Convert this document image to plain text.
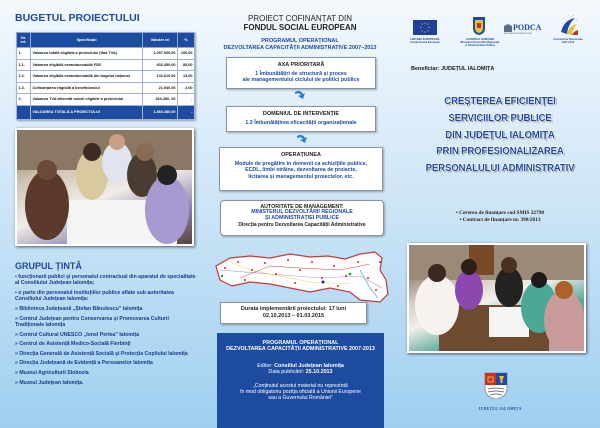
BUGETUL PROIECTULUI
Nr. crt.	Specificații	Valoare lei	%
1.	Valoarea totală eligibilă a proiectului (fără TVA)	1.097.000,00	100,00
1.1.	Valoarea eligibilă nerambursabilă FSE	932.450,00	85,00
1.2.	Valoarea eligibilă nerambursabilă din bugetul național	142.610,00	13,00
1.3.	Cofinanțarea eligibilă a beneficiarului	21.940,00	2,00
2.	Valoarea TVA aferentă valorii eligibile a proiectului	263.280, 00	-
	VALOAREA TOTALĂ A PROIECTULUI	1.360.280,00	-
GRUPUL ȚINTĂ
▪ funcționarii publici și personalul contractual din aparatul de specialitate al Consiliului Județean Ialomița;
▪ o parte din personalul instituțiilor publice aflate sub autoritatea Consiliului Județean Ialomița:
» Biblioteca Județeană „Ștefan Bănulescu” Ialomița
» Centrul Județean pentru Conservarea și Promovarea Culturii Tradiționale Ialomița
» Centrul Cultural UNESCO „Ionel Perlea” Ialomița
» Centrul de Asistență Medico-Socială Fierbinți
» Direcția Generală de Asistență Socială și Protecția Copilului Ialomița
» Direcția Județeană de Evidență a Persoanelor Ialomița
» Muzeul Agriculturii Slobozia
» Muzeul Județean Ialomița.
PROIECT COFINANȚAT DIN
FONDUL SOCIAL EUROPEAN
PROGRAMUL OPERAȚIONAL
DEZVOLTAREA CAPACITĂȚII ADMINISTRATIVE 2007–2013
AXA PRIORITARĂ
1 Îmbunătățiri de structură și proces
ale managementului ciclului de politici publice
DOMENIUL DE INTERVENȚIE
1.3 Îmbunătățirea eficacității organizaționale
OPERAȚIUNEA
Module de pregătire în domenii ca achizițiile publice,
ECDL, limbi străine, dezvoltarea de proiecte,
licitarea și managementul proiectelor, etc.
AUTORITATE DE MANAGEMENT:
MINISTERUL DEZVOLTĂRII REGIONALE
ȘI ADMINISTRAȚIEI PUBLICE
Direcția pentru Dezvoltarea Capacității Administrative
Durata implementării proiectului: 17 luni
02.10.2013 – 01.03.2015
PROGRAMUL OPERAȚIONAL
DEZVOLTAREA CAPACITĂȚII ADMINISTRATIVE 2007-2013
Editor: Consiliul Județean Ialomița
Data publicării: 25.10.2013
„Conținutul acestui material nu reprezintă
în mod obligatoriu poziția oficială a Uniunii Europene
sau a Guvernului României”
UNIUNEA EUROPEANĂ
Fondul Social European
GUVERNUL ROMÂNIEI
Ministerul Dezvoltării Regionale
și Administrației Publice
PODCA
ANDREAM IN ADMINISTRATIE
Instrumente Structurale
2007-2013
Beneficiar: JUDEȚUL IALOMIȚA
CREȘTEREA EFICIENȚEI
SERVICIILOR PUBLICE
DIN JUDEȚUL IALOMIȚA
PRIN PROFESIONALIZAREA
PERSONALULUI ADMINISTRATIV
• Cererea de finanțare cod SMIS 22798
• Contract de finanțare nr. 390/2013
JUDEȚUL IALOMIȚA
